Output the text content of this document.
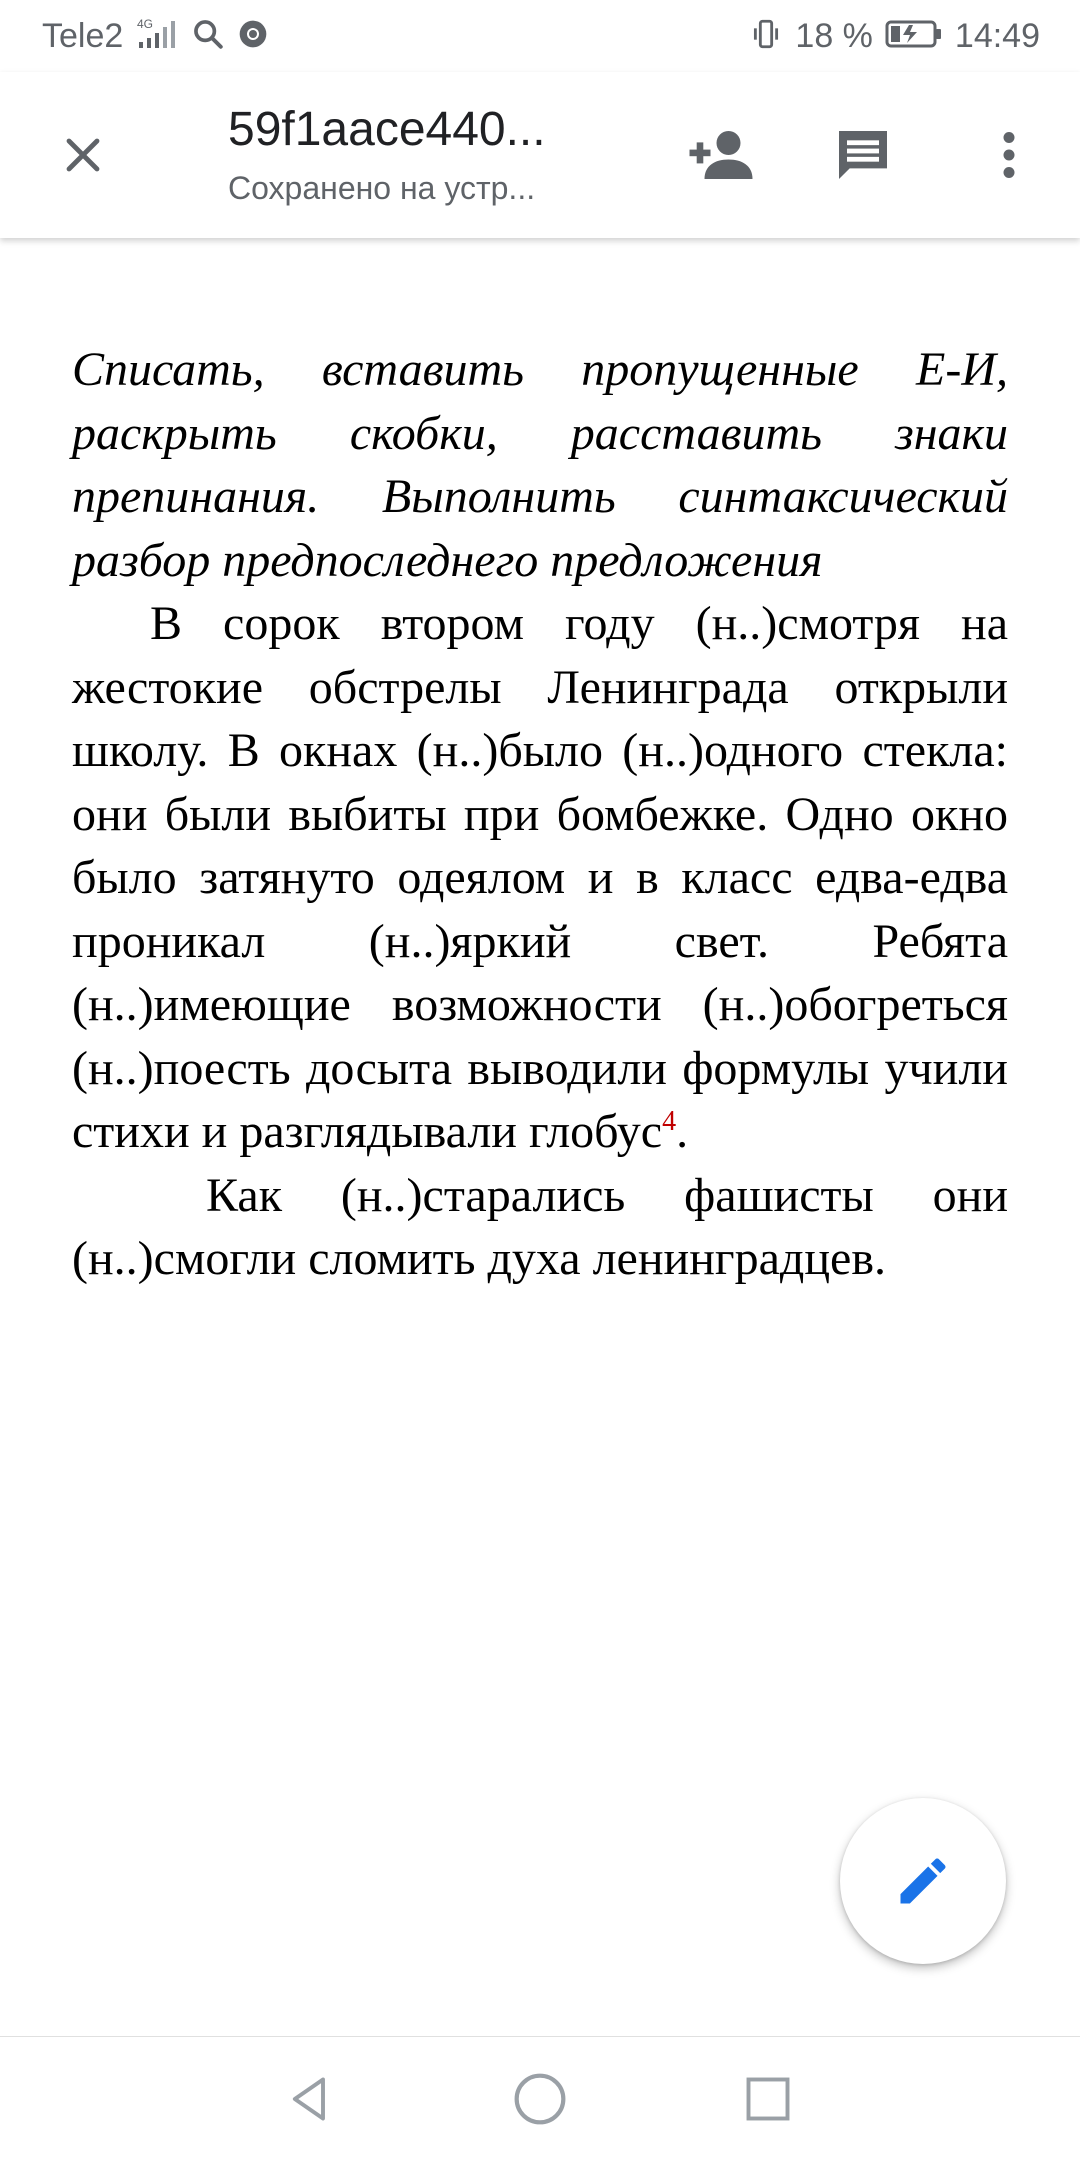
Tele2 4G	18 % 14:49
59f1aace440...
Сохранено на устр...

Списать, вставить пропущенные Е-И, раскрыть скобки, расставить знаки препинания. Выполнить синтаксический разбор предпоследнего предложения

В сорок втором году (н..)смотря на жестокие обстрелы Ленинграда открыли школу. В окнах (н..)было (н..)одного стекла: они были выбиты при бомбежке. Одно окно было затянуто одеялом и в класс едва-едва проникал (н..)яркий свет. Ребята (н..)имеющие возможности (н..)обогреться (н..)поесть досыта выводили формулы учили стихи и разглядывали глобус$^4$.

Как (н..)старались фашисты они (н..)смогли сломить духа ленинградцев.
